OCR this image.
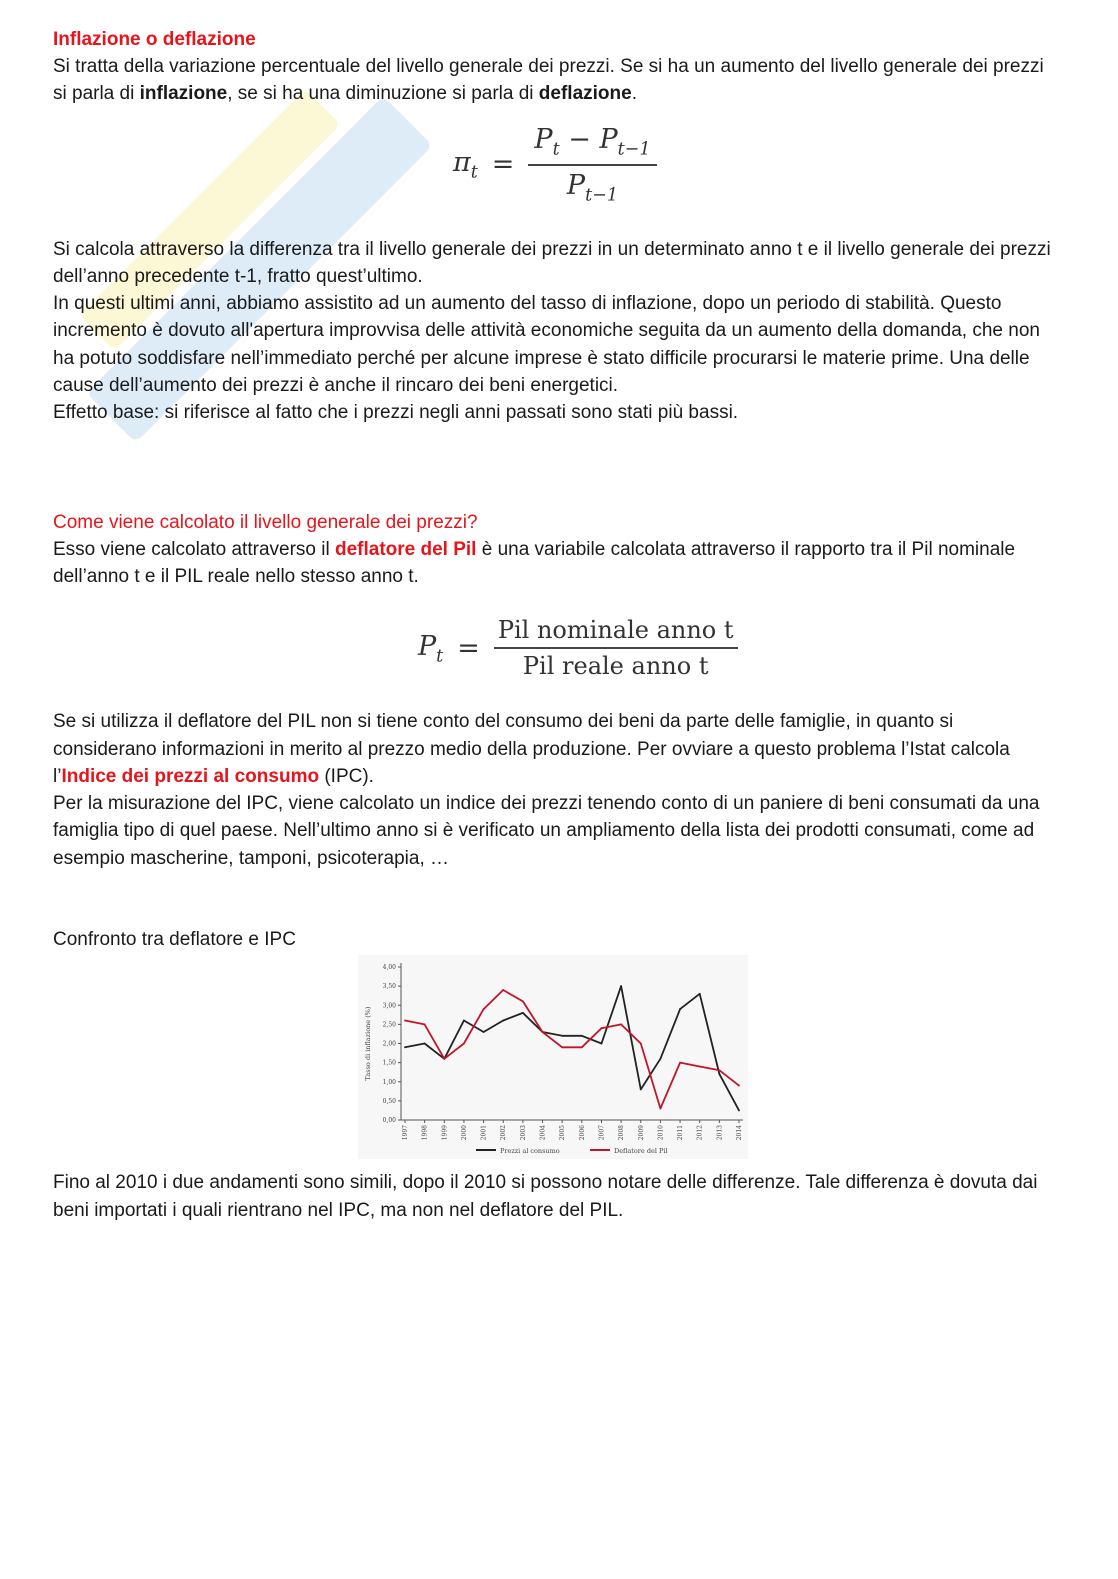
Inflazione o deflazione

Si tratta della variazione percentuale del livello generale dei prezzi. Se si ha un aumento del livello generale dei prezzi si parla di inflazione, se si ha una diminuzione si parla di deflazione.

$\pi_t = \frac{P_t - P_{t-1}}{P_{t-1}}$

Si calcola attraverso la differenza tra il livello generale dei prezzi in un determinato anno t e il livello generale dei prezzi dell’anno precedente t-1, fratto quest’ultimo.

In questi ultimi anni, abbiamo assistito ad un aumento del tasso di inflazione, dopo un periodo di stabilità. Questo incremento è dovuto all'apertura improvvisa delle attività economiche seguita da un aumento della domanda, che non ha potuto soddisfare nell’immediato perché per alcune imprese è stato difficile procurarsi le materie prime. Una delle cause dell’aumento dei prezzi è anche il rincaro dei beni energetici.

Effetto base: si riferisce al fatto che i prezzi negli anni passati sono stati più bassi.

Come viene calcolato il livello generale dei prezzi?

Esso viene calcolato attraverso il deflatore del Pil è una variabile calcolata attraverso il rapporto tra il Pil nominale dell’anno t e il PIL reale nello stesso anno t.

$P_t = \frac{\text{Pil nominale anno t}}{\text{Pil reale anno t}}$

Se si utilizza il deflatore del PIL non si tiene conto del consumo dei beni da parte delle famiglie, in quanto si considerano informazioni in merito al prezzo medio della produzione. Per ovviare a questo problema l’Istat calcola l’Indice dei prezzi al consumo (IPC).

Per la misurazione del IPC, viene calcolato un indice dei prezzi tenendo conto di un paniere di beni consumati da una famiglia tipo di quel paese. Nell’ultimo anno si è verificato un ampliamento della lista dei prodotti consumati, come ad esempio mascherine, tamponi, psicoterapia, …

Confronto tra deflatore e IPC

0,00
0,50
1,00
1,50
2,00
2,50
3,00
3,50
4,00
Tasso di inflazione (%)
1997 1998 1999 2000 2001 2002 2003 2004 2005 2006 2007 2008 2009 2010 2011 2012 2013 2014
Prezzi al consumo	Deflatore del Pil

Fino al 2010 i due andamenti sono simili, dopo il 2010 si possono notare delle differenze. Tale differenza è dovuta dai beni importati i quali rientrano nel IPC, ma non nel deflatore del PIL.
